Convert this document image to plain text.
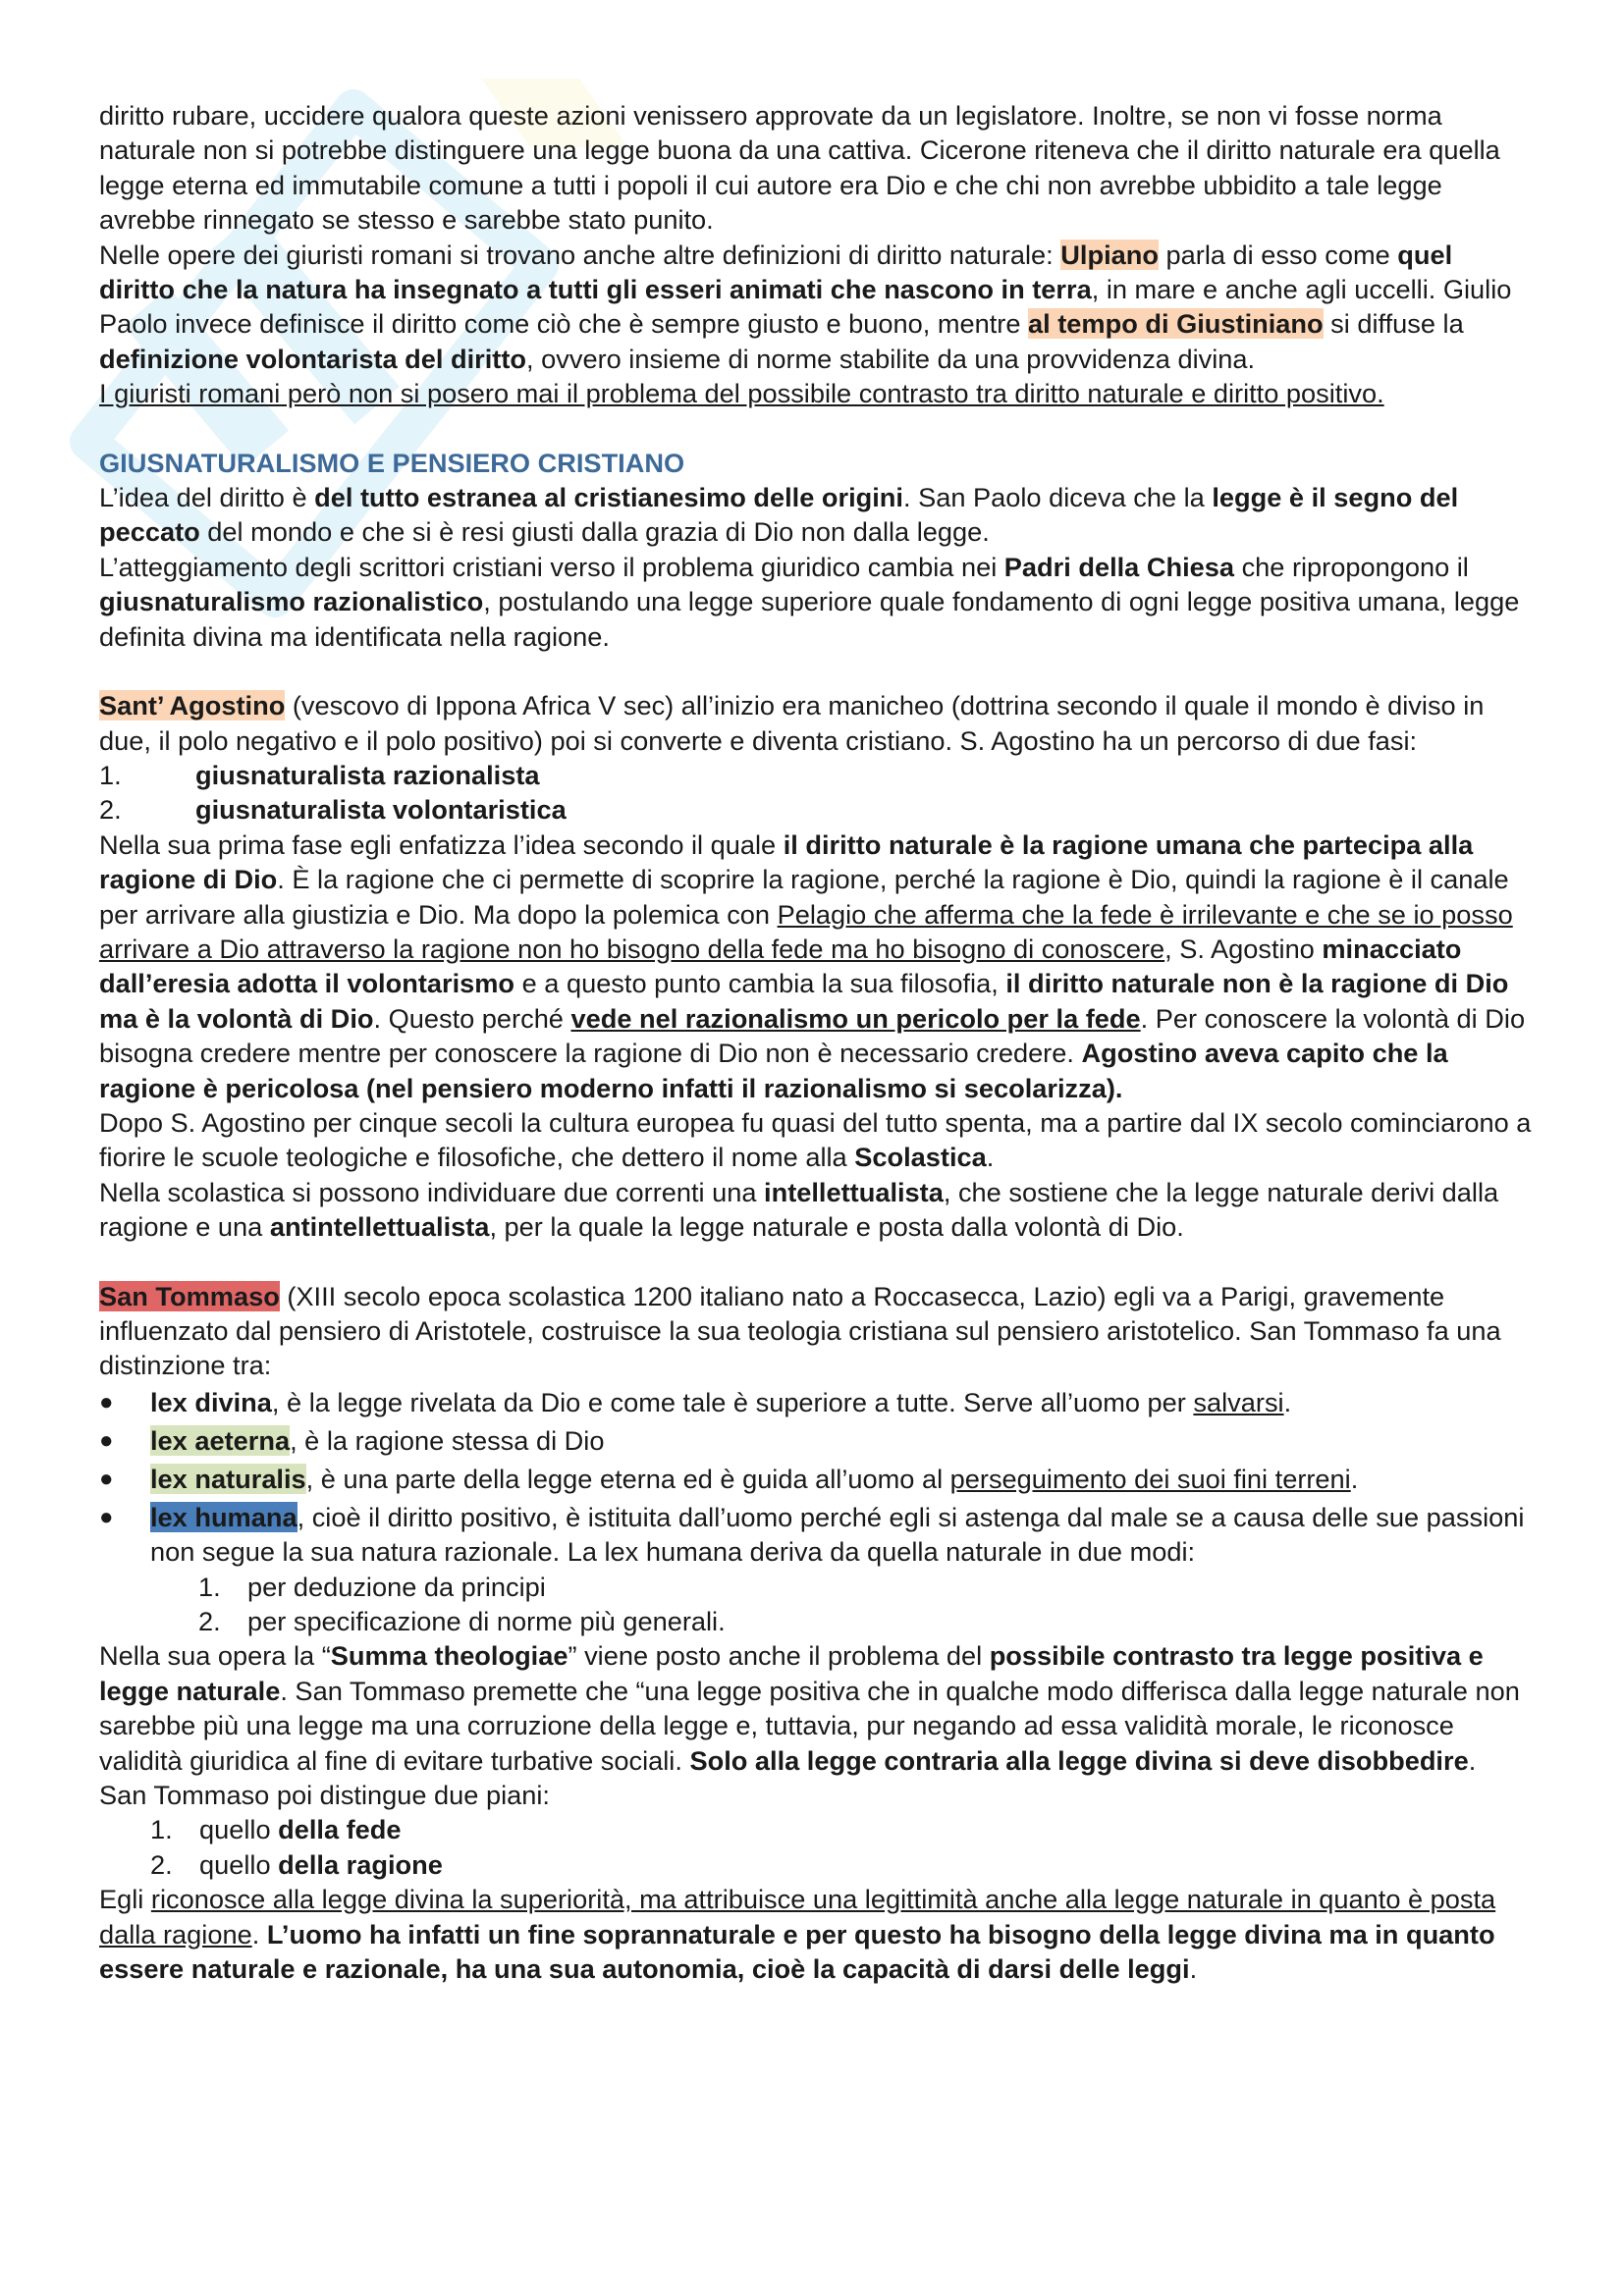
diritto rubare, uccidere qualora queste azioni venissero approvate da un legislatore. Inoltre, se non vi fosse norma naturale non si potrebbe distinguere una legge buona da una cattiva. Cicerone riteneva che il diritto naturale era quella legge eterna ed immutabile comune a tutti i popoli il cui autore era Dio e che chi non avrebbe ubbidito a tale legge avrebbe rinnegato se stesso e sarebbe stato punito.

Nelle opere dei giuristi romani si trovano anche altre definizioni di diritto naturale: Ulpiano parla di esso come quel diritto che la natura ha insegnato a tutti gli esseri animati che nascono in terra, in mare e anche agli uccelli. Giulio Paolo invece definisce il diritto come ciò che è sempre giusto e buono, mentre al tempo di Giustiniano si diffuse la definizione volontarista del diritto, ovvero insieme di norme stabilite da una provvidenza divina.

I giuristi romani però non si posero mai il problema del possibile contrasto tra diritto naturale e diritto positivo.

GIUSNATURALISMO E PENSIERO CRISTIANO

L’idea del diritto è del tutto estranea al cristianesimo delle origini. San Paolo diceva che la legge è il segno del peccato del mondo e che si è resi giusti dalla grazia di Dio non dalla legge.

L’atteggiamento degli scrittori cristiani verso il problema giuridico cambia nei Padri della Chiesa che ripropongono il giusnaturalismo razionalistico, postulando una legge superiore quale fondamento di ogni legge positiva umana, legge definita divina ma identificata nella ragione.

Sant’ Agostino (vescovo di Ippona Africa V sec) all’inizio era manicheo (dottrina secondo il quale il mondo è diviso in due, il polo negativo e il polo positivo) poi si converte e diventa cristiano. S. Agostino ha un percorso di due fasi:

1.	giusnaturalista razionalista
2.	giusnaturalista volontaristica

Nella sua prima fase egli enfatizza l’idea secondo il quale il diritto naturale è la ragione umana che partecipa alla ragione di Dio. È la ragione che ci permette di scoprire la ragione, perché la ragione è Dio, quindi la ragione è il canale per arrivare alla giustizia e Dio. Ma dopo la polemica con Pelagio che afferma che la fede è irrilevante e che se io posso arrivare a Dio attraverso la ragione non ho bisogno della fede ma ho bisogno di conoscere, S. Agostino minacciato dall’eresia adotta il volontarismo e a questo punto cambia la sua filosofia, il diritto naturale non è la ragione di Dio ma è la volontà di Dio. Questo perché vede nel razionalismo un pericolo per la fede. Per conoscere la volontà di Dio bisogna credere mentre per conoscere la ragione di Dio non è necessario credere. Agostino aveva capito che la ragione è pericolosa (nel pensiero moderno infatti il razionalismo si secolarizza).

Dopo S. Agostino per cinque secoli la cultura europea fu quasi del tutto spenta, ma a partire dal IX secolo cominciarono a fiorire le scuole teologiche e filosofiche, che dettero il nome alla Scolastica.

Nella scolastica si possono individuare due correnti una intellettualista, che sostiene che la legge naturale derivi dalla ragione e una antintellettualista, per la quale la legge naturale e posta dalla volontà di Dio.

San Tommaso (XIII secolo epoca scolastica 1200 italiano nato a Roccasecca, Lazio) egli va a Parigi, gravemente influenzato dal pensiero di Aristotele, costruisce la sua teologia cristiana sul pensiero aristotelico. San Tommaso fa una distinzione tra:

●	lex divina, è la legge rivelata da Dio e come tale è superiore a tutte. Serve all’uomo per salvarsi.
●	lex aeterna, è la ragione stessa di Dio
●	lex naturalis, è una parte della legge eterna ed è guida all’uomo al perseguimento dei suoi fini terreni.
●	lex humana, cioè il diritto positivo, è istituita dall’uomo perché egli si astenga dal male se a causa delle sue passioni non segue la sua natura razionale. La lex humana deriva da quella naturale in due modi:
1.	per deduzione da principi
2.	per specificazione di norme più generali.

Nella sua opera la “Summa theologiae” viene posto anche il problema del possibile contrasto tra legge positiva e legge naturale. San Tommaso premette che “una legge positiva che in qualche modo differisca dalla legge naturale non sarebbe più una legge ma una corruzione della legge e, tuttavia, pur negando ad essa validità morale, le riconosce validità giuridica al fine di evitare turbative sociali. Solo alla legge contraria alla legge divina si deve disobbedire.

San Tommaso poi distingue due piani:

1.	quello della fede
2.	quello della ragione

Egli riconosce alla legge divina la superiorità, ma attribuisce una legittimità anche alla legge naturale in quanto è posta dalla ragione. L’uomo ha infatti un fine soprannaturale e per questo ha bisogno della legge divina ma in quanto essere naturale e razionale, ha una sua autonomia, cioè la capacità di darsi delle leggi.
